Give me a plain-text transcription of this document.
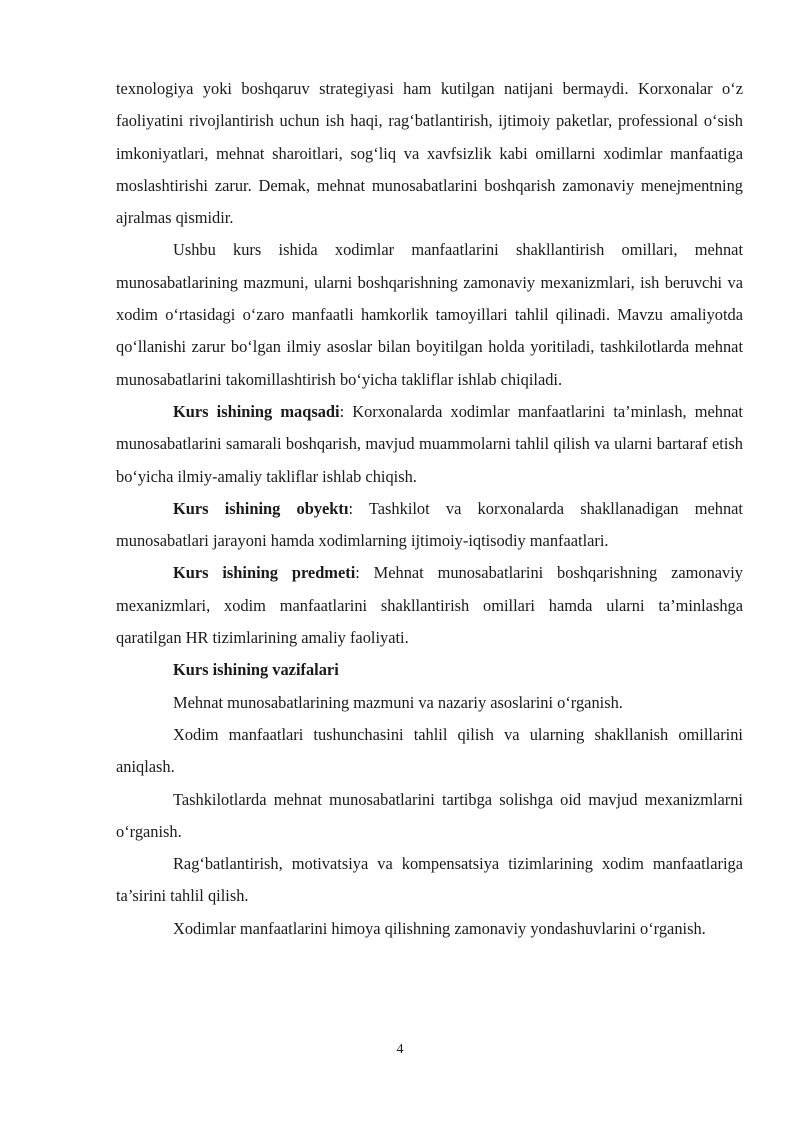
texnologiya yoki boshqaruv strategiyasi ham kutilgan natijani bermaydi. Korxonalar o‘z faoliyatini rivojlantirish uchun ish haqi, rag‘batlantirish, ijtimoiy paketlar, professional o‘sish imkoniyatlari, mehnat sharoitlari, sog‘liq va xavfsizlik kabi omillarni xodimlar manfaatiga moslashtirishi zarur. Demak, mehnat munosabatlarini boshqarish zamonaviy menejmentning ajralmas qismidir.

Ushbu kurs ishida xodimlar manfaatlarini shakllantirish omillari, mehnat munosabatlarining mazmuni, ularni boshqarishning zamonaviy mexanizmlari, ish beruvchi va xodim o‘rtasidagi o‘zaro manfaatli hamkorlik tamoyillari tahlil qilinadi. Mavzu amaliyotda qo‘llanishi zarur bo‘lgan ilmiy asoslar bilan boyitilgan holda yoritiladi, tashkilotlarda mehnat munosabatlarini takomillashtirish bo‘yicha takliflar ishlab chiqiladi.

Kurs ishining maqsadi: Korxonalarda xodimlar manfaatlarini ta’minlash, mehnat munosabatlarini samarali boshqarish, mavjud muammolarni tahlil qilish va ularni bartaraf etish bo‘yicha ilmiy-amaliy takliflar ishlab chiqish.

Kurs ishining obyektı: Tashkilot va korxonalarda shakllanadigan mehnat munosabatlari jarayoni hamda xodimlarning ijtimoiy-iqtisodiy manfaatlari.

Kurs ishining predmeti: Mehnat munosabatlarini boshqarishning zamonaviy mexanizmlari, xodim manfaatlarini shakllantirish omillari hamda ularni ta’minlashga qaratilgan HR tizimlarining amaliy faoliyati.

Kurs ishining vazifalari

Mehnat munosabatlarining mazmuni va nazariy asoslarini o‘rganish.

Xodim manfaatlari tushunchasini tahlil qilish va ularning shakllanish omillarini aniqlash.

Tashkilotlarda mehnat munosabatlarini tartibga solishga oid mavjud mexanizmlarni o‘rganish.

Rag‘batlantirish, motivatsiya va kompensatsiya tizimlarining xodim manfaatlariga ta’sirini tahlil qilish.

Xodimlar manfaatlarini himoya qilishning zamonaviy yondashuvlarini o‘rganish.

4
